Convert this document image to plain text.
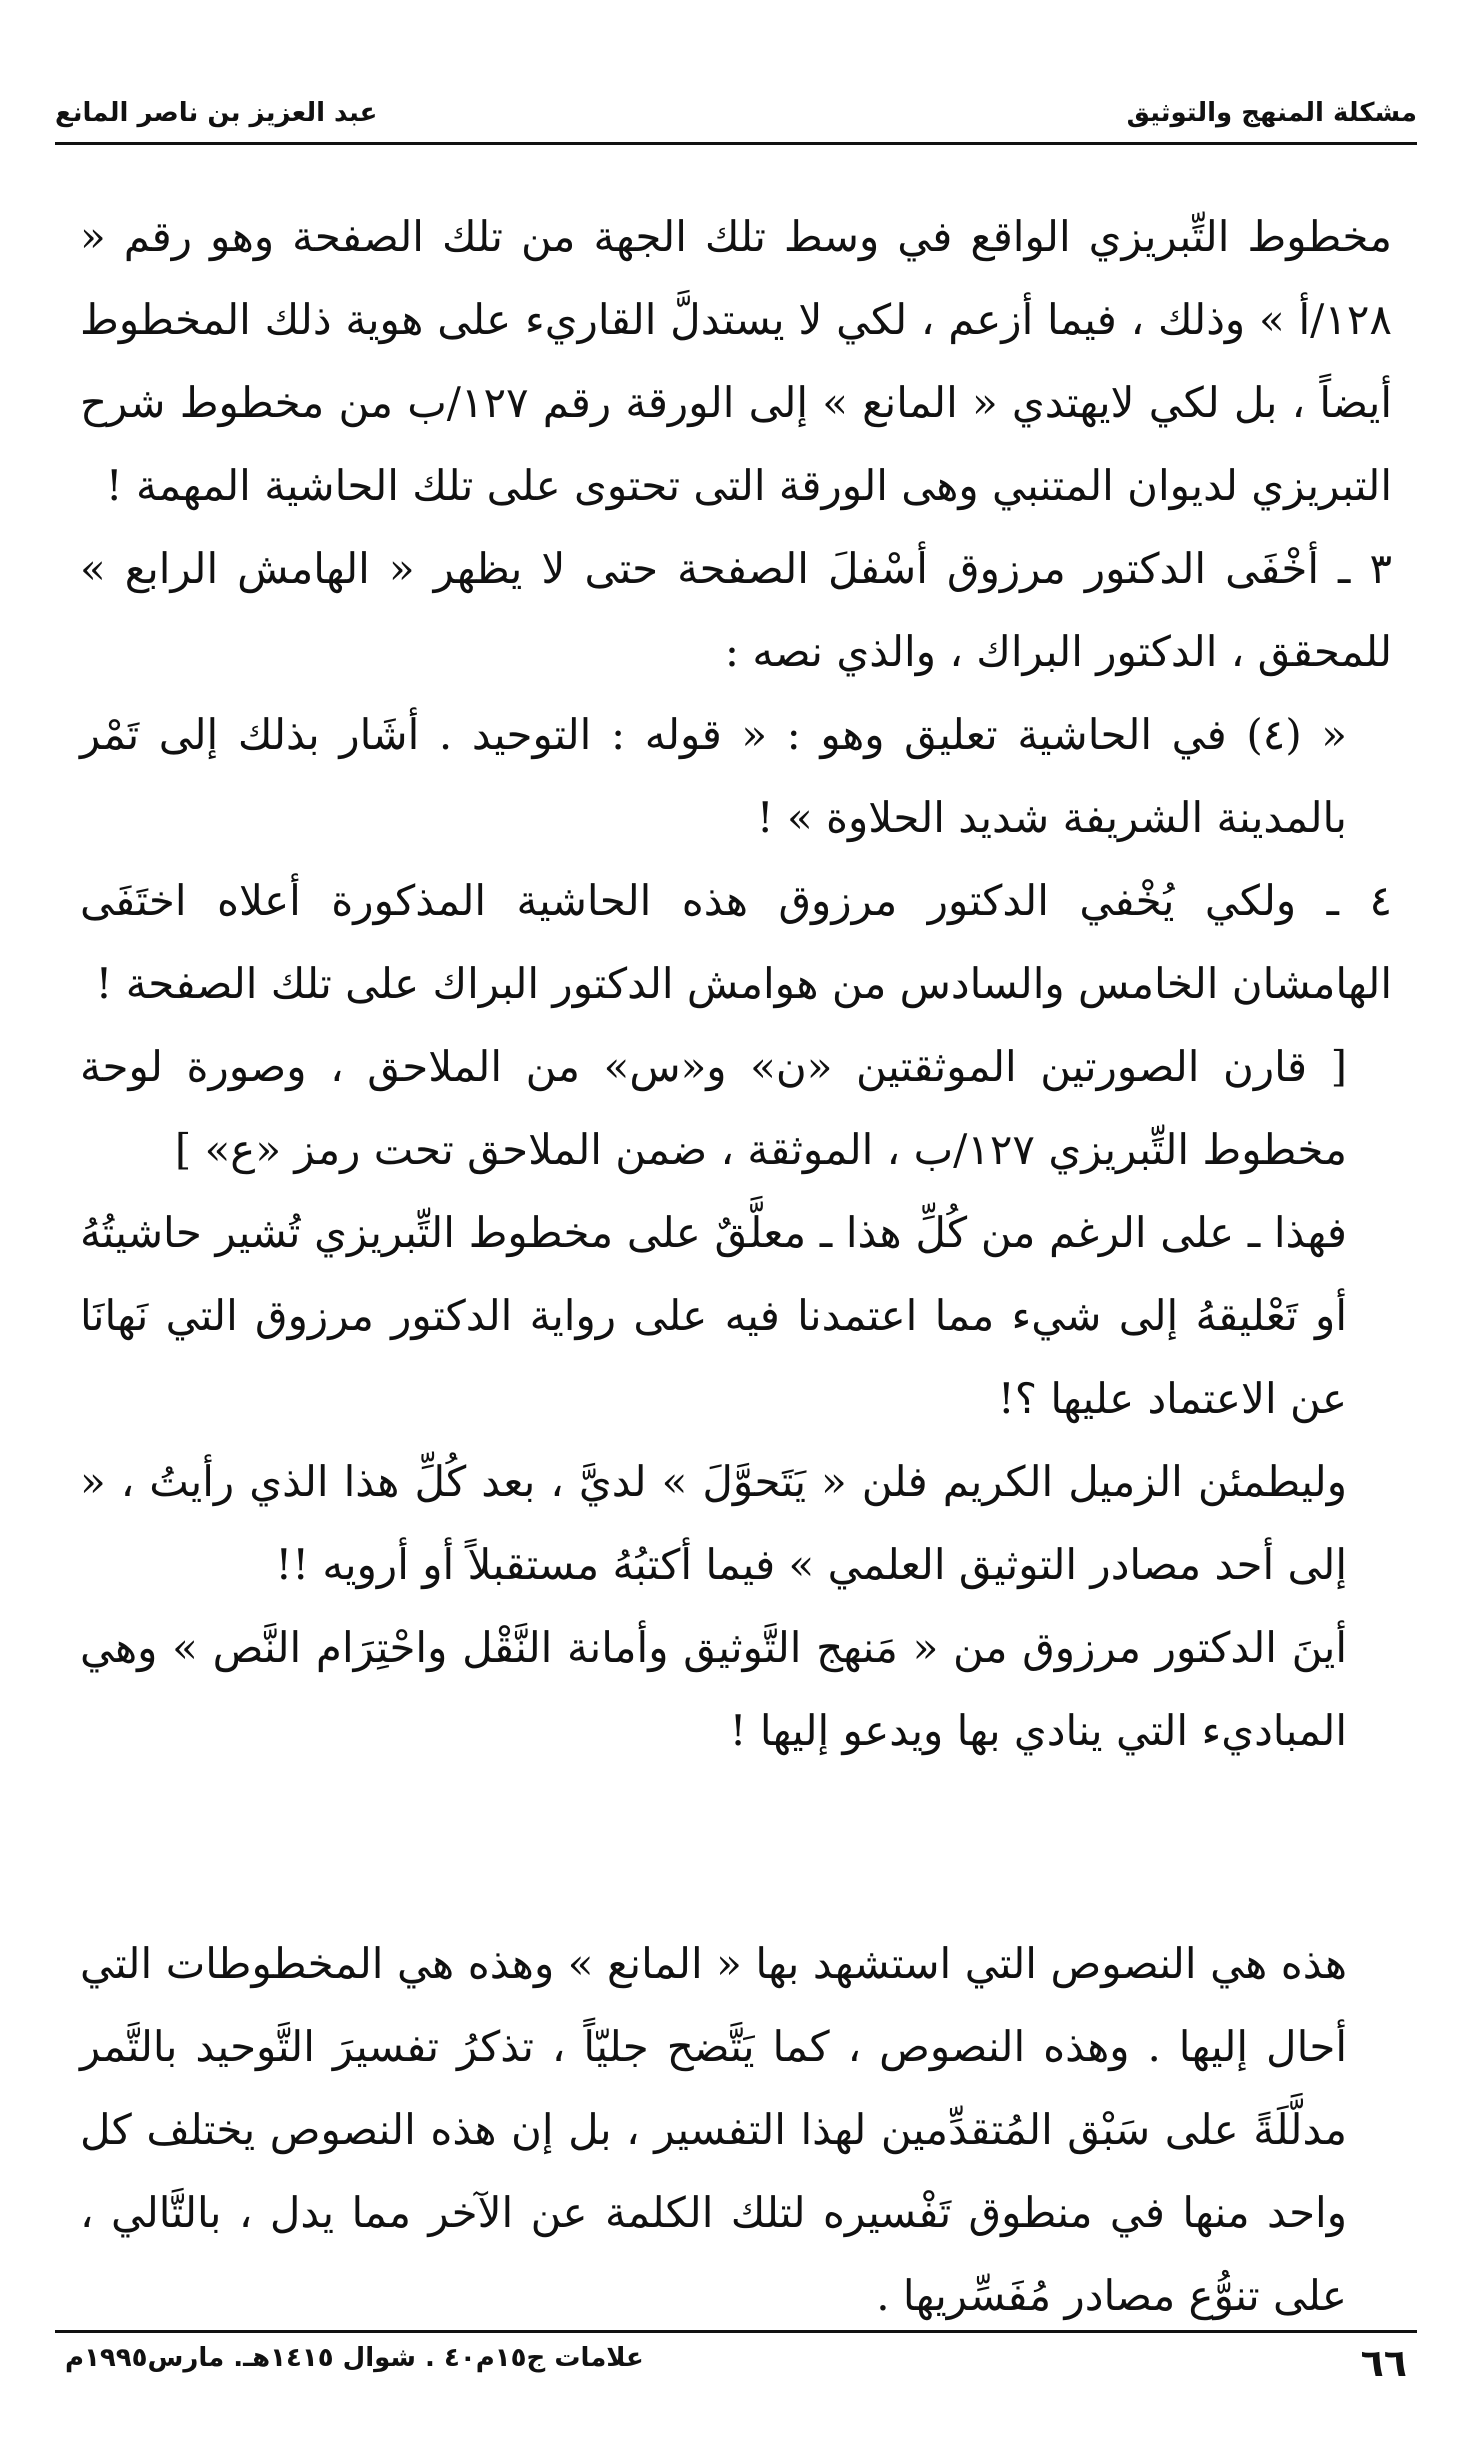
مشكلة المنهج والتوثيق
عبد العزيز بن ناصر المانع

مخطوط التِّبريزي الواقع في وسط تلك الجهة من تلك الصفحة وهو رقم « ١٢٨/أ » وذلك ، فيما أزعم ، لكي لا يستدلَّ القاريء على هوية ذلك المخطوط أيضاً ، بل لكي لايهتدي « المانع » إلى الورقة رقم ١٢٧/ب من مخطوط شرح التبريزي لديوان المتنبي وهى الورقة التى تحتوى على تلك الحاشية المهمة !

٣ ـ أخْفَى الدكتور مرزوق أسْفلَ الصفحة حتى لا يظهر « الهامش الرابع » للمحقق ، الدكتور البراك ، والذي نصه :

« (٤) في الحاشية تعليق وهو : « قوله : التوحيد . أشَار بذلك إلى تَمْر بالمدينة الشريفة شديد الحلاوة » !

٤ ـ ولكي يُخْفي الدكتور مرزوق هذه الحاشية المذكورة أعلاه اختَفَى الهامشان الخامس والسادس من هوامش الدكتور البراك على تلك الصفحة !

[ قارن الصورتين الموثقتين «ن» و«س» من الملاحق ، وصورة لوحة مخطوط التِّبريزي ١٢٧/ب ، الموثقة ، ضمن الملاحق تحت رمز «ع» ]

فهذا ـ على الرغم من كُلِّ هذا ـ معلَّقٌ على مخطوط التِّبريزي تُشير حاشيتُهُ أو تَعْليقهُ إلى شيء مما اعتمدنا فيه على رواية الدكتور مرزوق التي نَهانَا عن الاعتماد عليها ؟!

وليطمئن الزميل الكريم فلن « يَتَحوَّلَ » لديَّ ، بعد كُلِّ هذا الذي رأيتُ ، « إلى أحد مصادر التوثيق العلمي » فيما أكتبُهُ مستقبلاً أو أرويه !!

أينَ الدكتور مرزوق من « مَنهج التَّوثيق وأمانة النَّقْل واحْتِرَام النَّص » وهي المباديء التي ينادي بها ويدعو إليها !

هذه هي النصوص التي استشهد بها « المانع » وهذه هي المخطوطات التي أحال إليها . وهذه النصوص ، كما يَتَّضح جليّاً ، تذكرُ تفسيرَ التَّوحيد بالتَّمر مدلَّلَةً على سَبْق المُتقدِّمين لهذا التفسير ، بل إن هذه النصوص يختلف كل واحد منها في منطوق تَفْسيره لتلك الكلمة عن الآخر مما يدل ، بالتَّالي ، على تنوُّع مصادر مُفَسِّريها .

٦٦
علامات ج١٥م٤٠ . شوال ١٤١٥هـ. مارس١٩٩٥م
